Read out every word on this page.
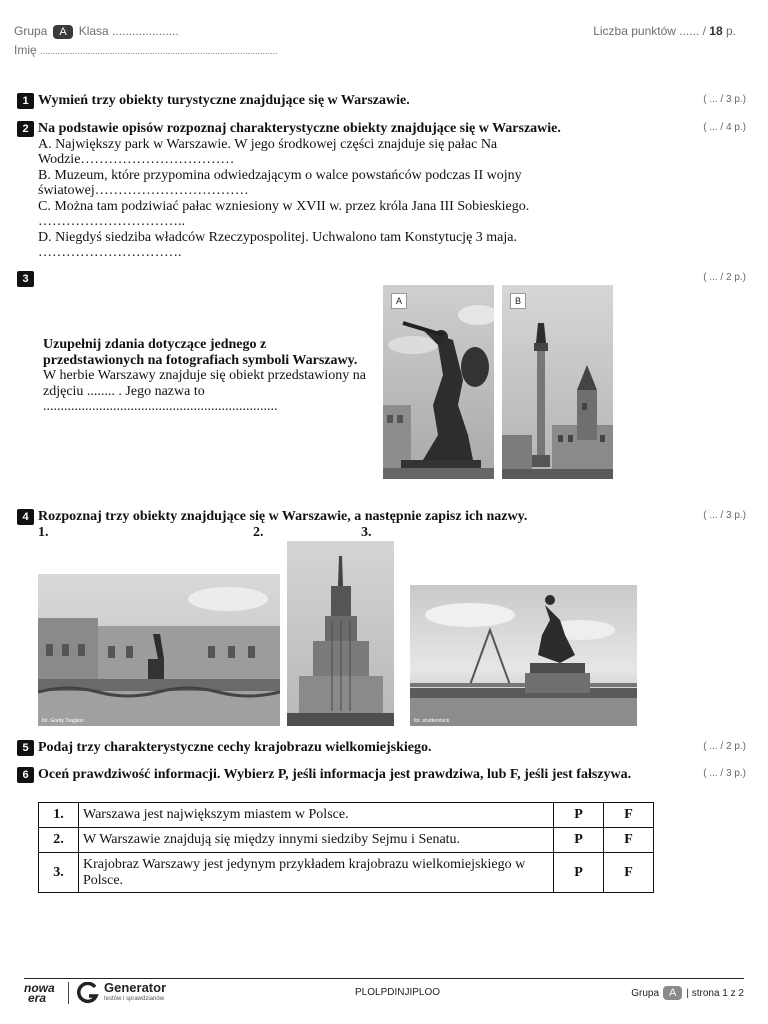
Grupa A Klasa ....................
Imię ...............................................................................................
Liczba punktów ...... / 18 p.
1 Wymień trzy obiekty turystyczne znajdujące się w Warszawie.	( ... / 3 p.)
2 Na podstawie opisów rozpoznaj charakterystyczne obiekty znajdujące się w Warszawie.
A. Największy park w Warszawie. W jego środkowej części znajduje się pałac Na Wodzie……………………………
B. Muzeum, które przypomina odwiedzającym o walce powstańców podczas II wojny światowej……………………………
C. Można tam podziwiać pałac wzniesiony w XVII w. przez króla Jana III Sobieskiego. …………………………..
D. Niegdyś siedziba władców Rzeczypospolitej. Uchwalono tam Konstytucję 3 maja. ………………………….
( ... / 4 p.)
3	( ... / 2 p.)
Uzupełnij zdania dotyczące jednego z przedstawionych na fotografiach symboli Warszawy.
W herbie Warszawy znajduje się obiekt przedstawiony na zdjęciu ........ . Jego nazwa to ...................................................................
A	B
4 Rozpoznaj trzy obiekty znajdujące się w Warszawie, a następnie zapisz ich nazwy.	( ... / 3 p.)
1.	2.	3.
fot. Gordy Tsagkos	fot. shutterstock
5 Podaj trzy charakterystyczne cechy krajobrazu wielkomiejskiego.	( ... / 2 p.)
6 Oceń prawdziwość informacji. Wybierz P, jeśli informacja jest prawdziwa, lub F, jeśli jest fałszywa.	( ... / 3 p.)
1.	Warszawa jest największym miastem w Polsce.	P	F
2.	W Warszawie znajdują się między innymi siedziby Sejmu i Senatu.	P	F
3.	Krajobraz Warszawy jest jedynym przykładem krajobrazu wielkomiejskiego w Polsce.	P	F
nowa
era
Generator
testów i sprawdzianów
PLOLPDINJIPLOO	Grupa A | strona 1 z 2
